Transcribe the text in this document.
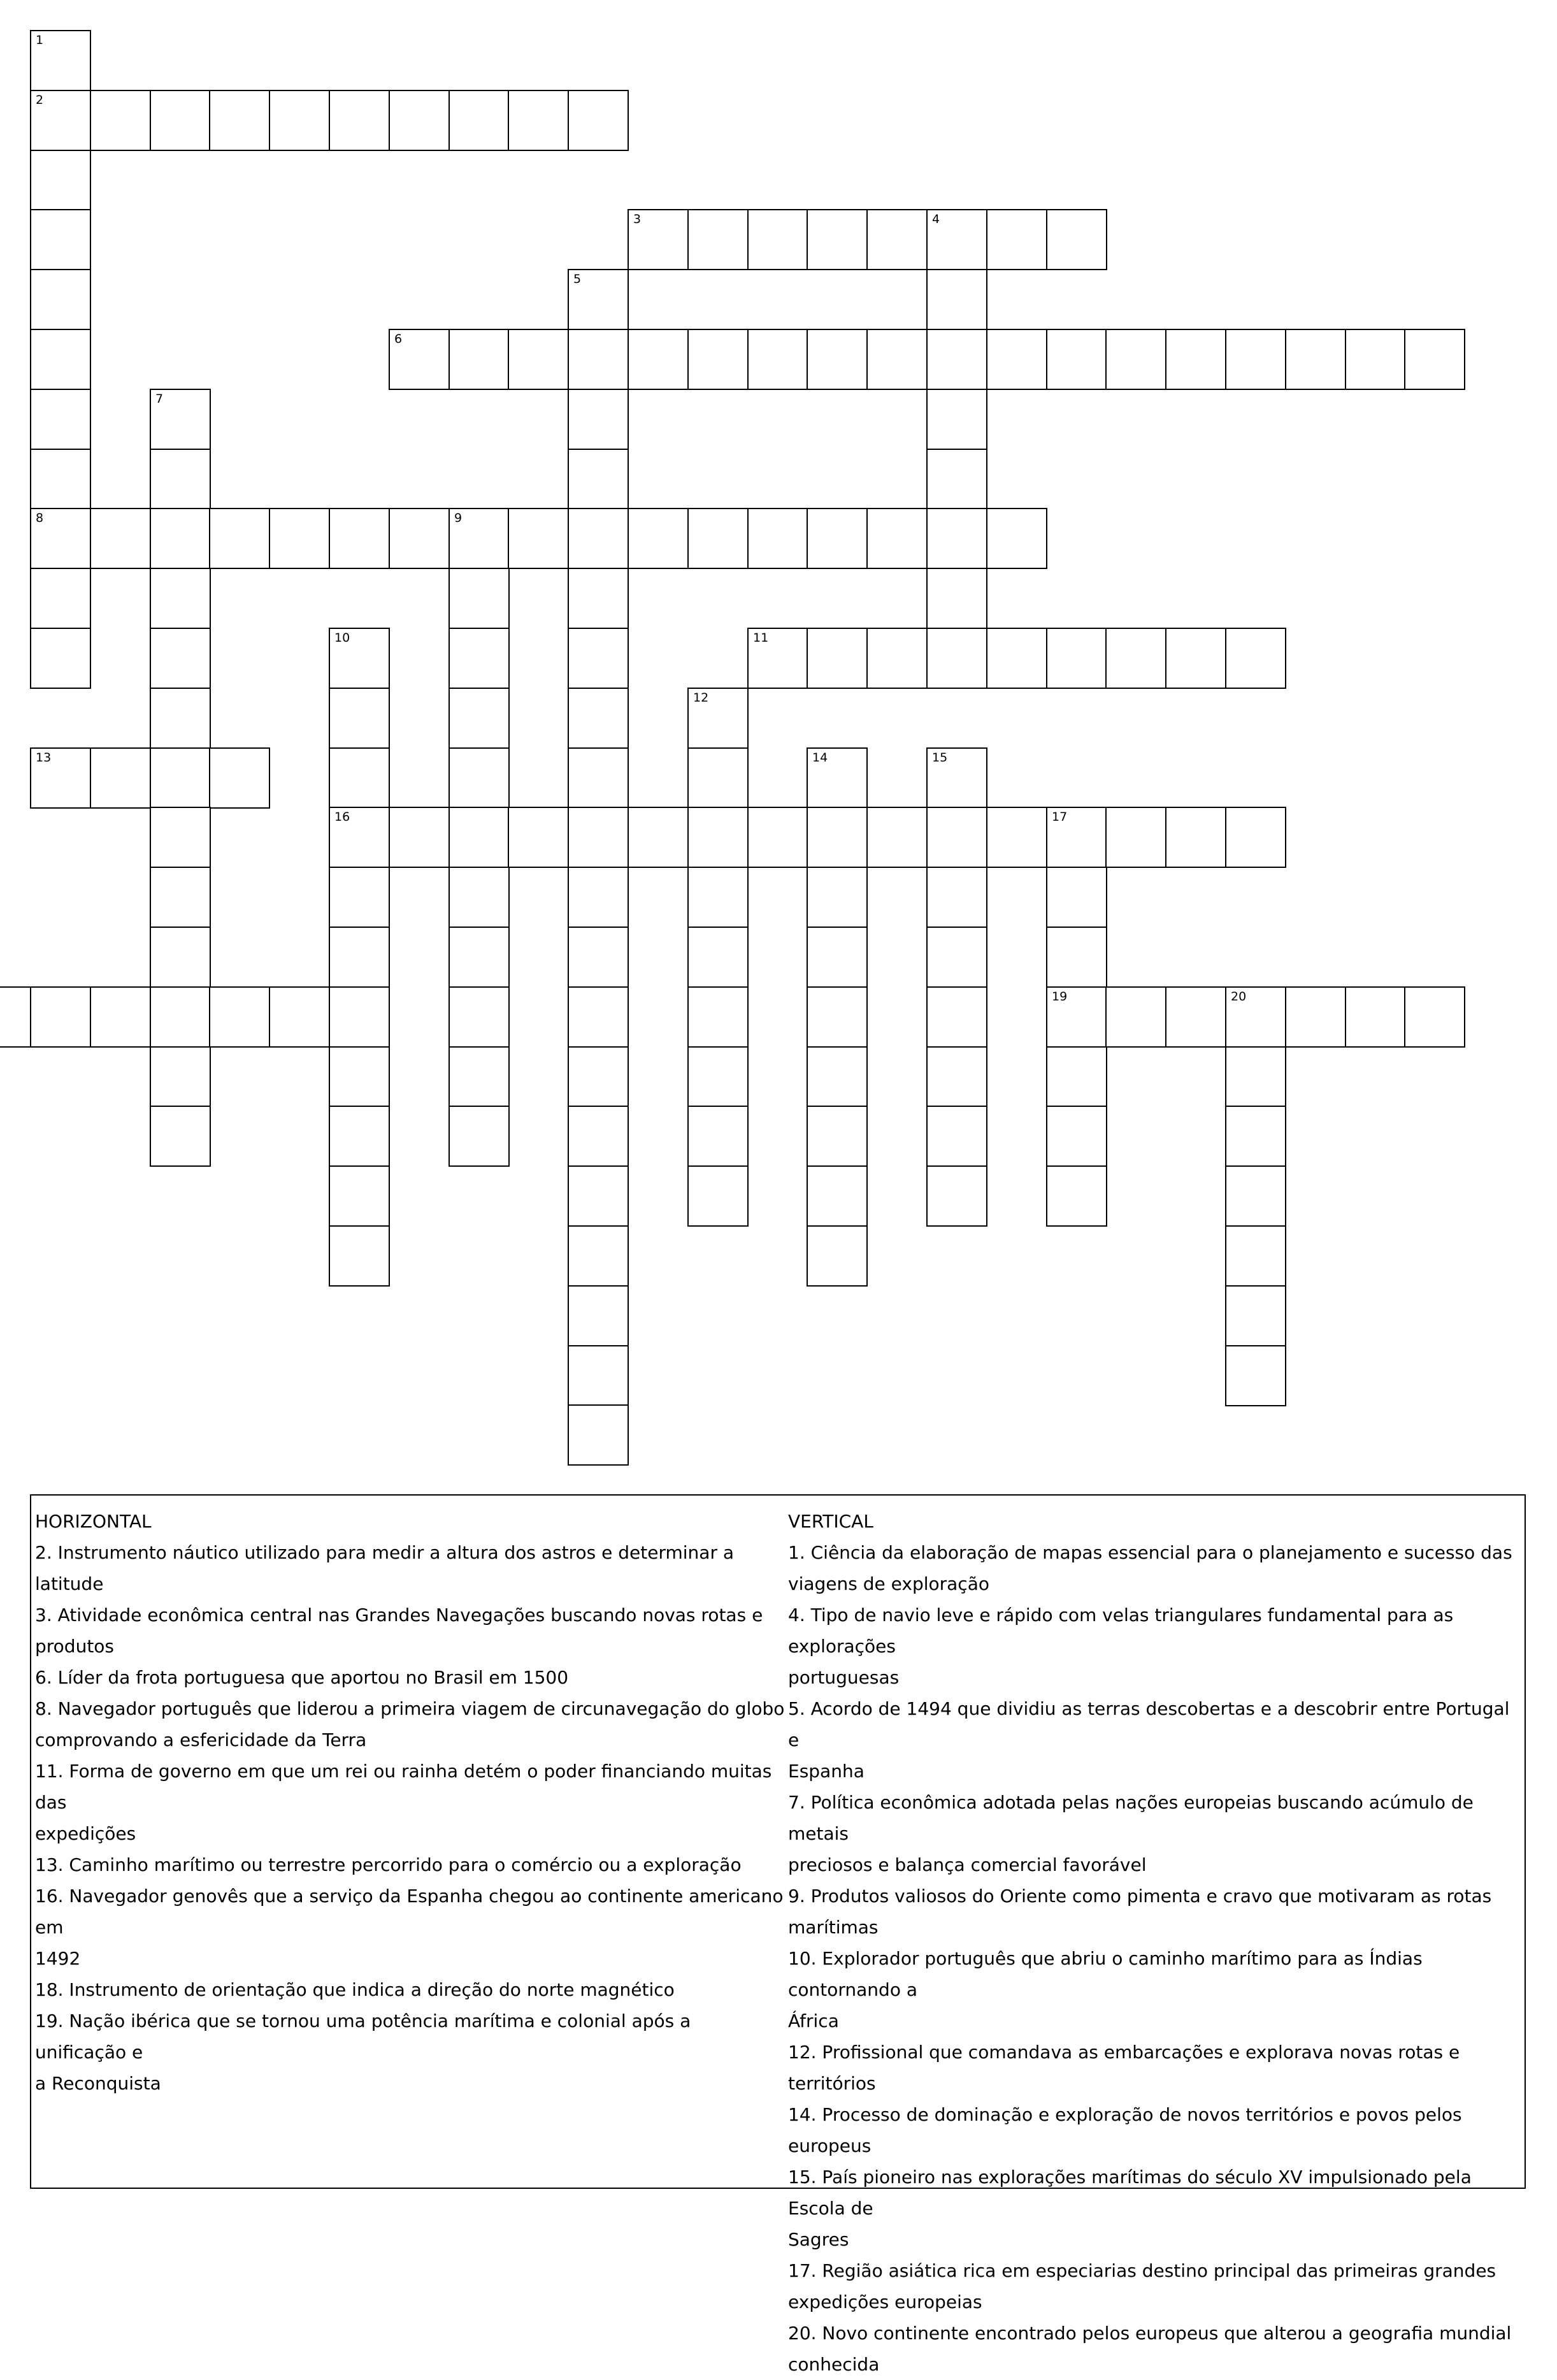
1
2
3	4
5
6
7
8	9
10	11
12
13	14	15
16	17
19	20
HORIZONTAL
2. Instrumento náutico utilizado para medir a altura dos astros e determinar a
latitude
3. Atividade econômica central nas Grandes Navegações buscando novas rotas e
produtos
6. Líder da frota portuguesa que aportou no Brasil em 1500
8. Navegador português que liderou a primeira viagem de circunavegação do globo
comprovando a esfericidade da Terra
11. Forma de governo em que um rei ou rainha detém o poder financiando muitas das
expedições
13. Caminho marítimo ou terrestre percorrido para o comércio ou a exploração
16. Navegador genovês que a serviço da Espanha chegou ao continente americano em
1492
18. Instrumento de orientação que indica a direção do norte magnético
19. Nação ibérica que se tornou uma potência marítima e colonial após a unificação e
a Reconquista
VERTICAL
1. Ciência da elaboração de mapas essencial para o planejamento e sucesso das
viagens de exploração
4. Tipo de navio leve e rápido com velas triangulares fundamental para as explorações
portuguesas
5. Acordo de 1494 que dividiu as terras descobertas e a descobrir entre Portugal e
Espanha
7. Política econômica adotada pelas nações europeias buscando acúmulo de metais
preciosos e balança comercial favorável
9. Produtos valiosos do Oriente como pimenta e cravo que motivaram as rotas
marítimas
10. Explorador português que abriu o caminho marítimo para as Índias contornando a
África
12. Profissional que comandava as embarcações e explorava novas rotas e territórios
14. Processo de dominação e exploração de novos territórios e povos pelos europeus
15. País pioneiro nas explorações marítimas do século XV impulsionado pela Escola de
Sagres
17. Região asiática rica em especiarias destino principal das primeiras grandes
expedições europeias
20. Novo continente encontrado pelos europeus que alterou a geografia mundial
conhecida
